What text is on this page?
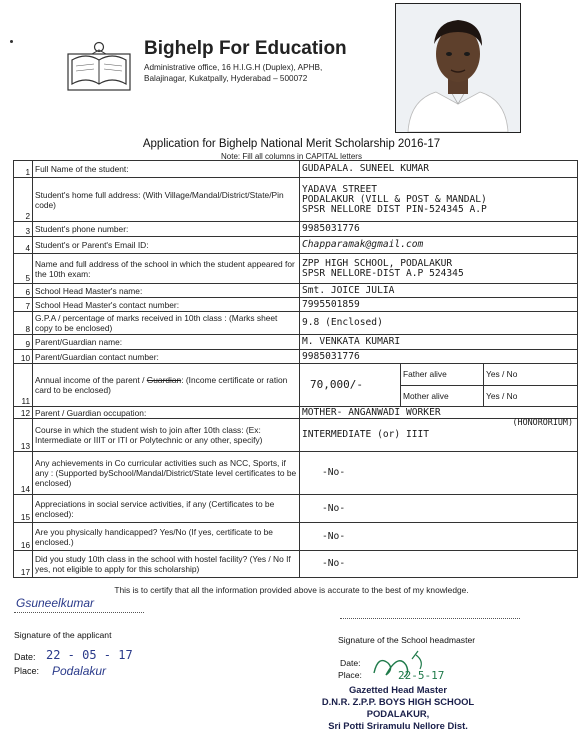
Bighelp For Education
Administrative office, 16 H.I.G.H (Duplex), APHB,
Balajinagar, Kukatpally, Hyderabad – 500072
Application for Bighelp National Merit Scholarship 2016-17
Note: Fill all columns in CAPITAL letters
1	Full Name of the student:	GUDAPALA. SUNEEL KUMAR
2	Student's home full address: (With Village/Mandal/District/State/Pin code)	
YADAVA STREET
PODALAKUR (VILL & POST & MANDAL)
SPSR NELLORE DIST PIN-524345 A.P

3	Student's phone number:	9985031776
4	Student's or Parent's Email ID:	Chapparamak@gmail.com
5	Name and full address of the school in which the student appeared for the 10th exam:	
ZPP HIGH SCHOOL, PODALAKUR
SPSR NELLORE-DIST A.P 524345

6	School Head Master's name:	Smt. JOICE JULIA
7	School Head Master's contact number:	7995501859
8	G.P.A / percentage of marks received in 10th class : (Marks sheet copy to be enclosed)	9.8 (Enclosed)
9	Parent/Guardian name:	M. VENKATA KUMARI
10	Parent/Guardian contact number:	9985031776
11	Annual income of the parent / Guardian: (Income certificate or ration card to be enclosed)		70,000/-	Father alive	Yes / No
Mother alive	Yes / No

12	Parent / Guardian occupation:	MOTHER- ANGANWADI WORKER
13	Course in which the student wish to join after 10th class: (Ex: Intermediate or IIIT or ITI or Polytechnic or any other, specify)	INTERMEDIATE (or) IIIT
(HONORORIUM)

14	Any achievements in Co curricular activities such as NCC, Sports, if any : (Supported bySchool/Mandal/District/State level certificates to be enclosed)	-No-
15	Appreciations in social service activities, if any (Certificates to be enclosed):	-No-
16	Are you physically handicapped? Yes/No (If yes, certificate to be enclosed.)	-No-
17	Did you study 10th class in the school with hostel facility? (Yes / No If yes, not eligible to apply for this scholarship)	-No-
This is to certify that all the information provided above is accurate to the best of my knowledge.
Gsuneelkumar
Signature of the applicant
Date: 22 - 05 - 17
Place: Podalakur
Signature of the School headmaster
Date:
Place:	22-5-17
Gazetted Head Master
D.N.R. Z.P.P. BOYS HIGH SCHOOL
PODALAKUR,
Sri Potti Sriramulu Nellore Dist.
